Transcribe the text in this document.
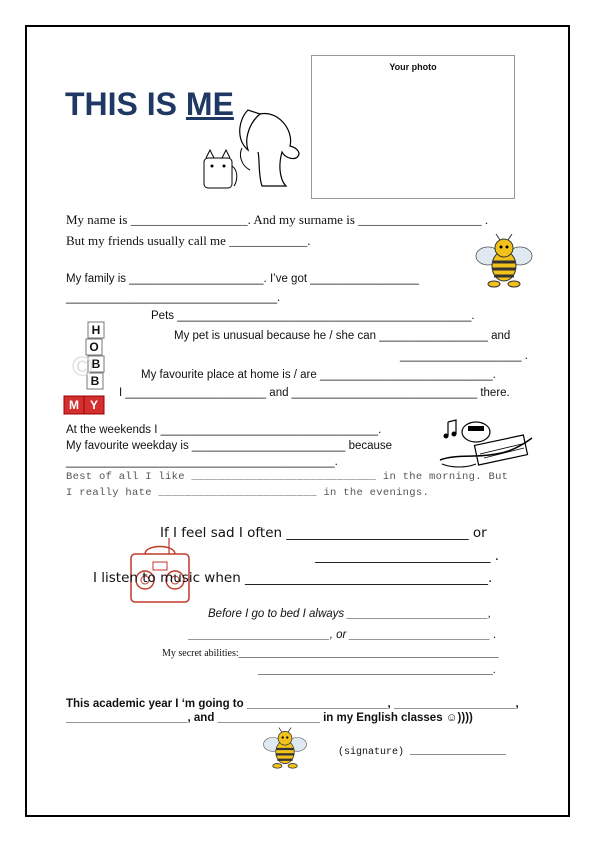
THIS IS ME
Your photo
My name is __________________. And my surname is ___________________ .
But my friends usually call me ____________.
My family is _____________________. I’ve got _________________
_________________________________.
H
O
B
B
M Y
©
Pets ______________________________________________.
My pet is unusual because he / she can _________________ and
___________________ .
My favourite place at home is / are ___________________________.
I ______________________ and _____________________________ there.
At the weekends I __________________________________.
My favourite weekday is ________________________ because
__________________________________________.
Best of all I like ____________________________ in the morning. But
I really hate ________________________ in the evenings.
If I feel sad I often ___________________________ or
__________________________ .
I listen to music when ____________________________________.
Before I go to bed I always ______________________,
______________________, or ______________________ .
My secret abilities:____________________________________________________
_______________________________________________.
This academic year I ‘m going to ______________________, ___________________,
___________________, and ________________ in my English classes ☺))))
(signature) ________________
